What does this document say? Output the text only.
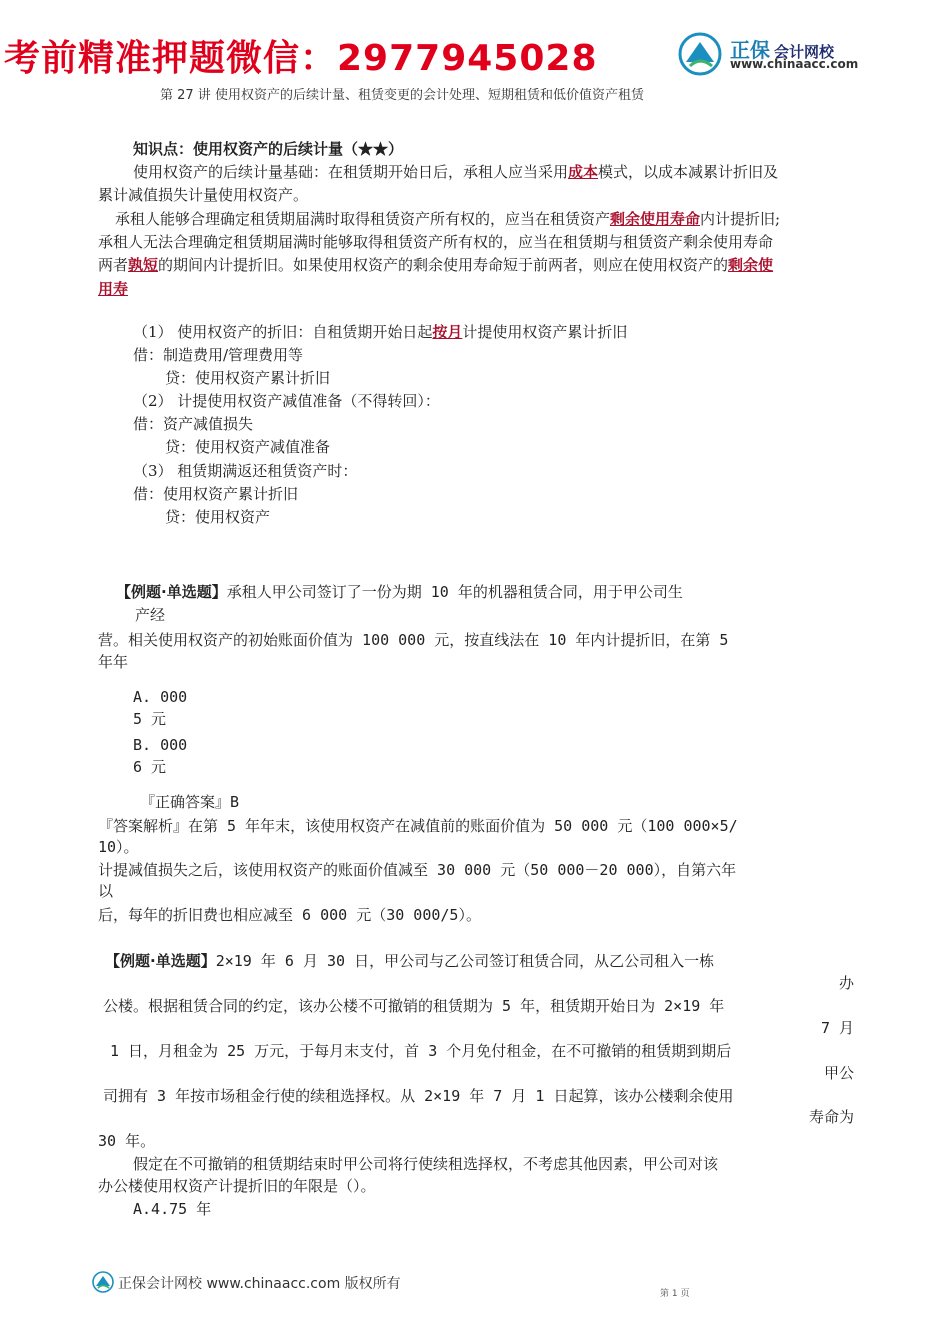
考前精准押题微信：2977945028	正保 会计网校
www.chinaacc.com
第 27 讲 使用权资产的后续计量、租赁变更的会计处理、短期租赁和低价值资产租赁
知识点：使用权资产的后续计量（★★）
使用权资产的后续计量基础：在租赁期开始日后，承租人应当采用成本模式，以成本减累计折旧及
累计减值损失计量使用权资产。
承租人能够合理确定租赁期届满时取得租赁资产所有权的，应当在租赁资产剩余使用寿命内计提折旧;
承租人无法合理确定租赁期届满时能够取得租赁资产所有权的，应当在租赁期与租赁资产剩余使用寿命
两者孰短的期间内计提折旧。如果使用权资产的剩余使用寿命短于前两者，则应在使用权资产的剩余使
用寿
（1） 使用权资产的折旧：自租赁期开始日起按月计提使用权资产累计折旧
借：制造费用/管理费用等
贷：使用权资产累计折旧
（2） 计提使用权资产减值准备（不得转回）：
借：资产减值损失
贷：使用权资产减值准备
（3） 租赁期满返还租赁资产时：
借：使用权资产累计折旧
贷：使用权资产
【例题·单选题】承租人甲公司签订了一份为期 10 年的机器租赁合同，用于甲公司生
产经
营。相关使用权资产的初始账面价值为 100 000 元，按直线法在 10 年内计提折旧，在第 5
年年
A. 000
5 元
B. 000
6 元
『正确答案』B
『答案解析』在第 5 年年末，该使用权资产在减值前的账面价值为 50 000 元（100 000×5/
10）。
计提减值损失之后，该使用权资产的账面价值减至 30 000 元（50 000－20 000），自第六年
以
后，每年的折旧费也相应减至 6 000 元（30 000/5）。
【例题·单选题】2×19 年 6 月 30 日，甲公司与乙公司签订租赁合同，从乙公司租入一栋
办
公楼。根据租赁合同的约定，该办公楼不可撤销的租赁期为 5 年，租赁期开始日为 2×19 年
7 月
1 日，月租金为 25 万元，于每月末支付，首 3 个月免付租金，在不可撤销的租赁期到期后
甲公
司拥有 3 年按市场租金行使的续租选择权。从 2×19 年 7 月 1 日起算，该办公楼剩余使用
寿命为
30 年。
假定在不可撤销的租赁期结束时甲公司将行使续租选择权，不考虑其他因素，甲公司对该
办公楼使用权资产计提折旧的年限是（）。
A.4.75 年
正保会计网校 www.chinaacc.com 版权所有
第 1 页
